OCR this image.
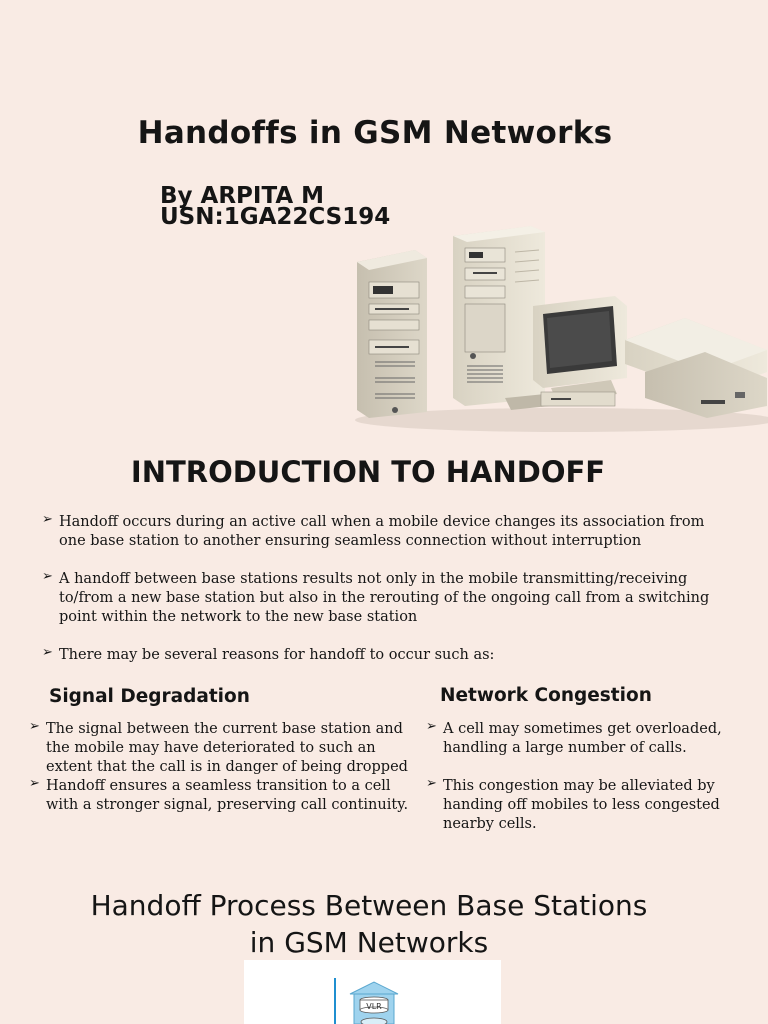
Handoffs in GSM Networks
By ARPITA M
USN:1GA22CS194
INTRODUCTION TO HANDOFF
➢ Handoff occurs during an active call when a mobile device changes its association from one base station to another ensuring seamless connection without interruption
➢ A handoff between base stations results not only in the mobile transmitting/receiving to/from a new base station but also in the rerouting of the ongoing call from a switching point within the network to the new base station
➢ There may be several reasons for handoff to occur such as:
Signal Degradation	Network Congestion
➢ The signal between the current base station and the mobile may have deteriorated to such an extent that the call is in danger of being dropped
➢ Handoff ensures a seamless transition to a cell with a stronger signal, preserving call continuity.
➢ A cell may sometimes get overloaded, handling a large number of calls.
➢ This congestion may be alleviated by handing off mobiles to less congested nearby cells.
Handoff Process Between Base Stations
in GSM Networks
VLR
